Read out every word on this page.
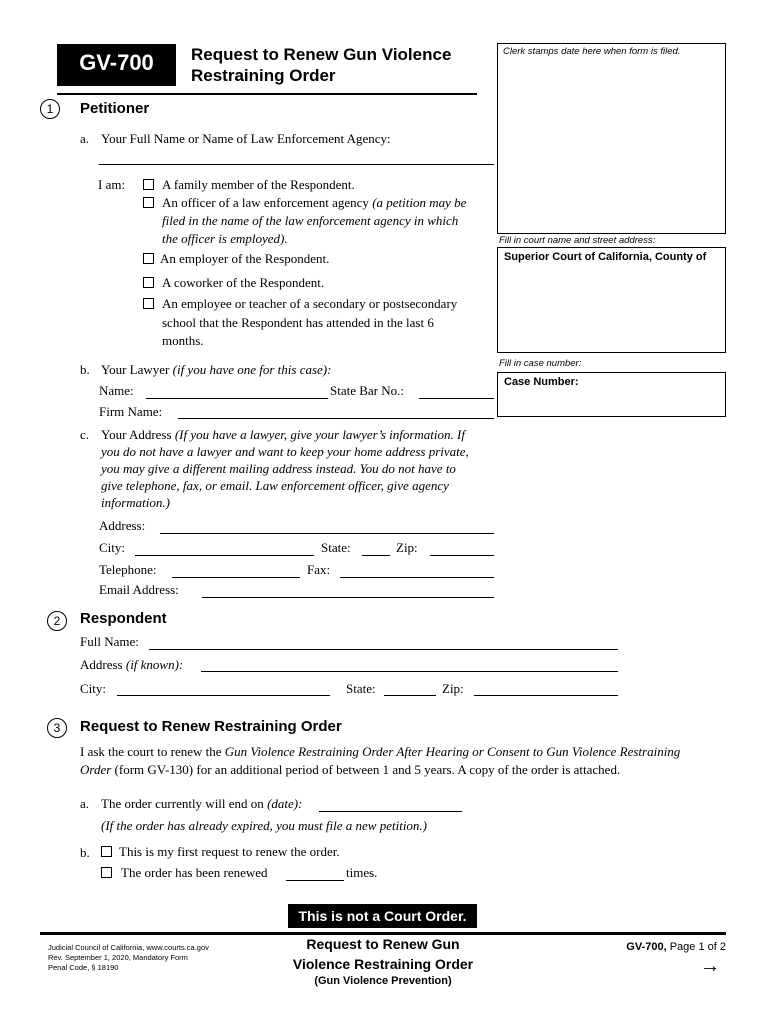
GV-700	Request to Renew Gun Violence
Restraining Order
Clerk stamps date here when form is filed.
Fill in court name and street address:
Superior Court of California, County of
Fill in case number:
Case Number:
1	Petitioner
a. Your Full Name or Name of Law Enforcement Agency:
I am:	A family member of the Respondent.
An officer of a law enforcement agency (a petition may be
filed in the name of the law enforcement agency in which
the officer is employed).
An employer of the Respondent.
A coworker of the Respondent.
An employee or teacher of a secondary or postsecondary
school that the Respondent has attended in the last 6
months.
b. Your Lawyer (if you have one for this case):
Name:	State Bar No.:
Firm Name:
c. Your Address (If you have a lawyer, give your lawyer’s information. If
you do not have a lawyer and want to keep your home address private,
you may give a different mailing address instead. You do not have to
give telephone, fax, or email. Law enforcement officer, give agency
information.)
Address:
City:	State:	Zip:
Telephone:	Fax:
Email Address:
2	Respondent
Full Name:
Address (if known):
City:	State:	Zip:
3	Request to Renew Restraining Order
I ask the court to renew the Gun Violence Restraining Order After Hearing or Consent to Gun Violence Restraining
Order (form GV-130) for an additional period of between 1 and 5 years. A copy of the order is attached.
a. The order currently will end on (date):
(If the order has already expired, you must file a new petition.)
b. This is my first request to renew the order.
The order has been renewed	times.
This is not a Court Order.
Judicial Council of California, www.courts.ca.gov
Rev. September 1, 2020, Mandatory Form
Penal Code, § 18190
Request to Renew Gun
Violence Restraining Order
(Gun Violence Prevention)
GV-700, Page 1 of 2
→
